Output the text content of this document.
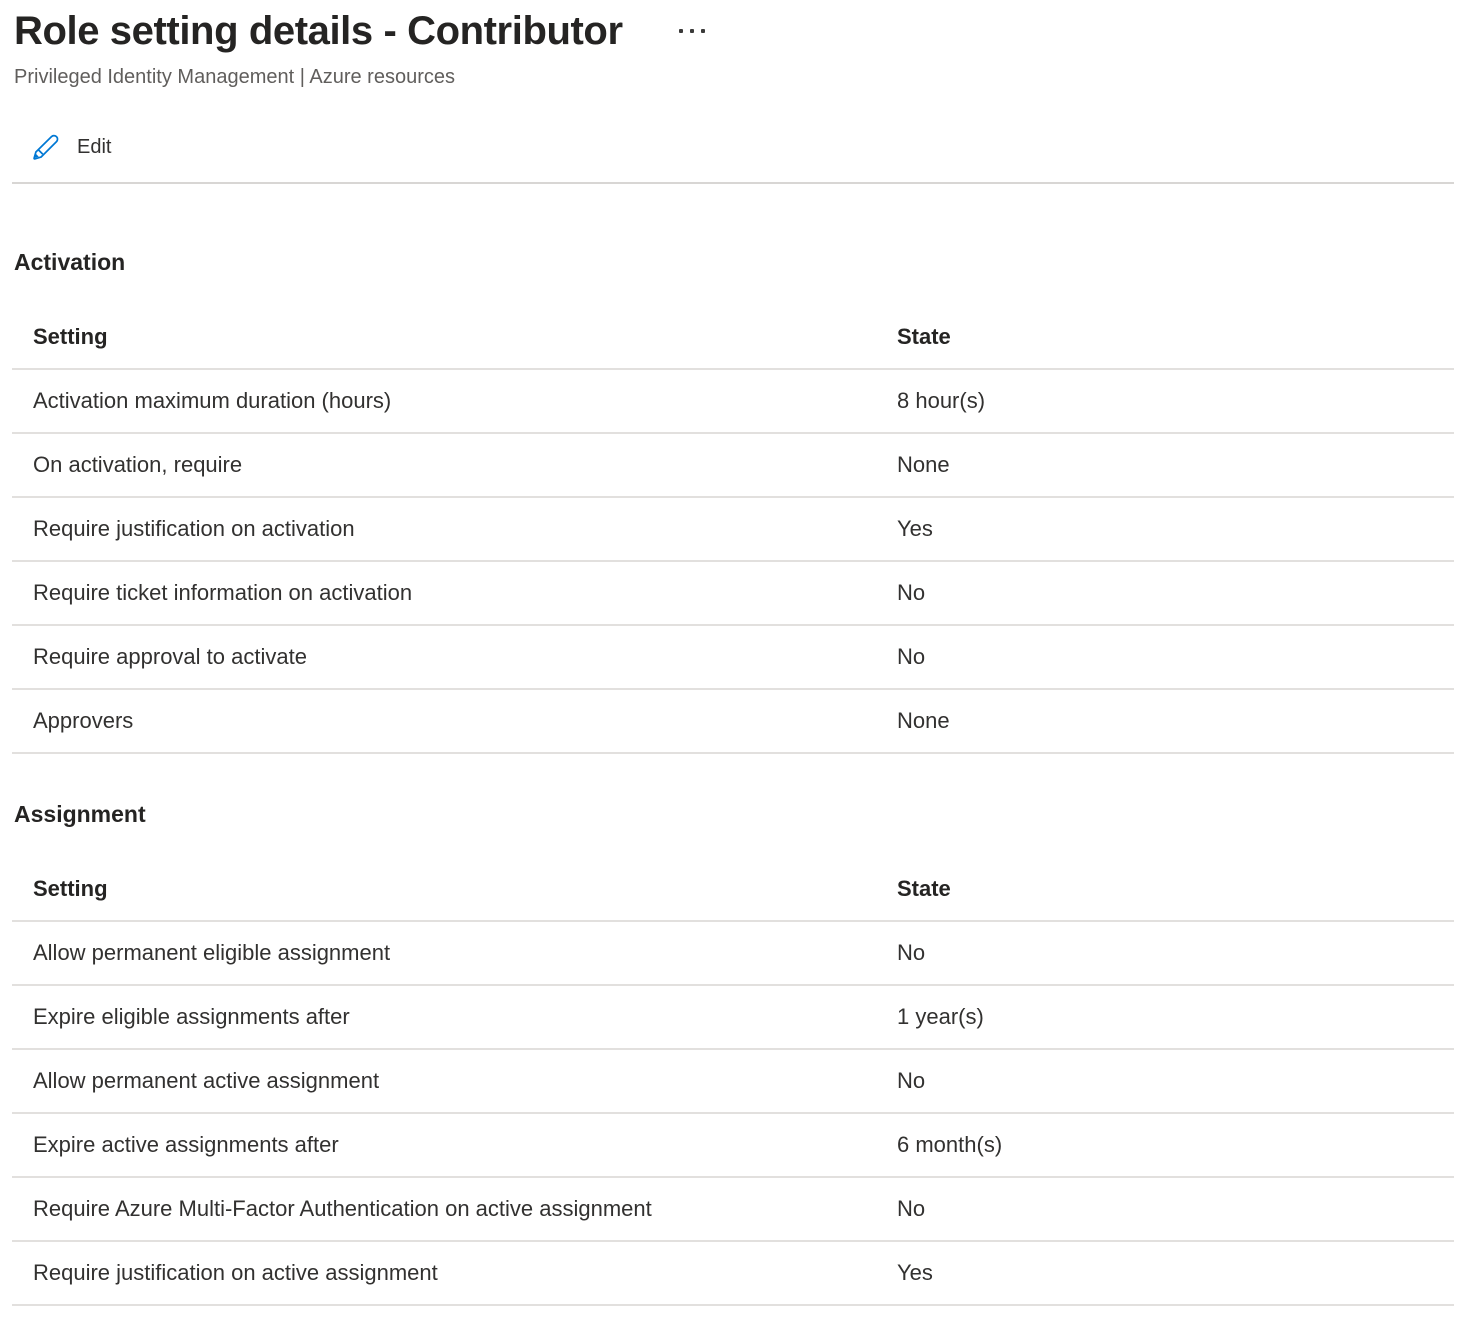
Role setting details - Contributor
Privileged Identity Management | Azure resources
Edit
Activation
Setting	State
Activation maximum duration (hours)	8 hour(s)
On activation, require	None
Require justification on activation	Yes
Require ticket information on activation	No
Require approval to activate	No
Approvers	None
Assignment
Setting	State
Allow permanent eligible assignment	No
Expire eligible assignments after	1 year(s)
Allow permanent active assignment	No
Expire active assignments after	6 month(s)
Require Azure Multi-Factor Authentication on active assignment	No
Require justification on active assignment	Yes
